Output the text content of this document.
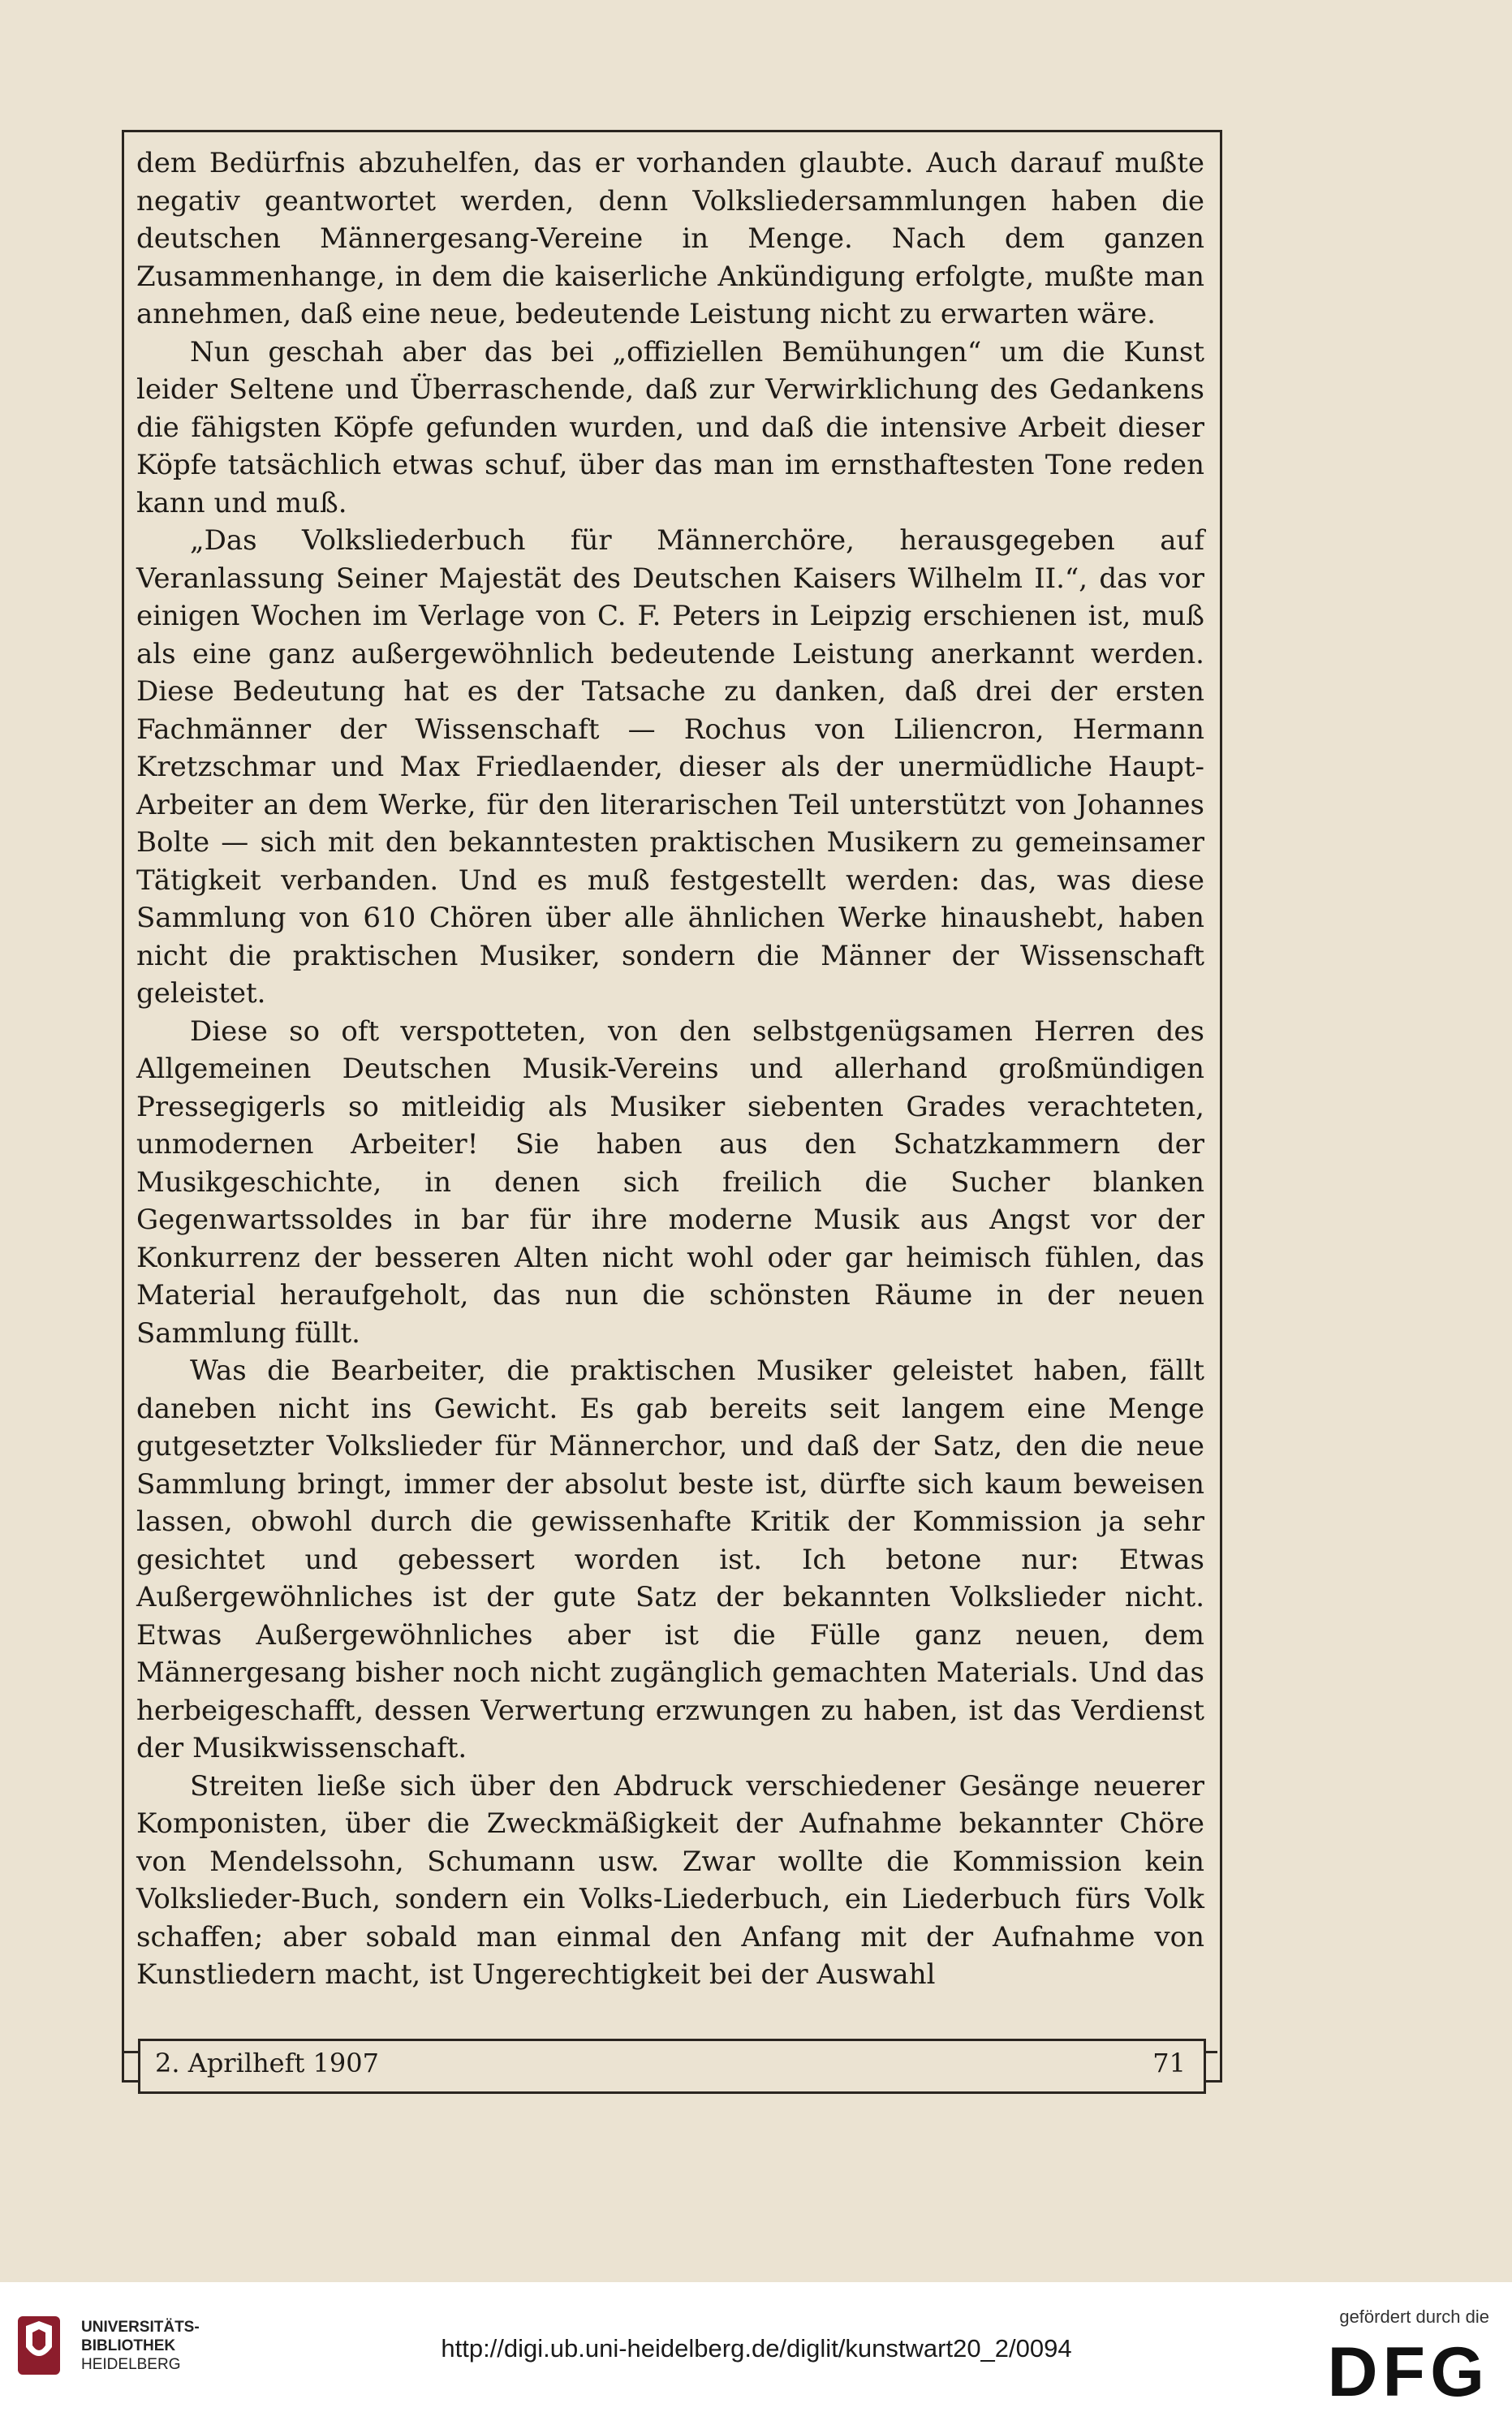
dem Bedürfnis abzuhelfen, das er vorhanden glaubte. Auch darauf mußte negativ geantwortet werden, denn Volksliedersammlungen haben die deutschen Männergesang-Vereine in Menge. Nach dem ganzen Zusammenhange, in dem die kaiserliche Ankündigung erfolgte, mußte man annehmen, daß eine neue, bedeutende Leistung nicht zu erwarten wäre.

Nun geschah aber das bei „offiziellen Bemühungen“ um die Kunst leider Seltene und Überraschende, daß zur Verwirklichung des Gedankens die fähigsten Köpfe gefunden wurden, und daß die intensive Arbeit dieser Köpfe tatsächlich etwas schuf, über das man im ernsthaftesten Tone reden kann und muß.

„Das Volksliederbuch für Männerchöre, herausgegeben auf Veranlassung Seiner Majestät des Deutschen Kaisers Wilhelm II.“, das vor einigen Wochen im Verlage von C. F. Peters in Leipzig erschienen ist, muß als eine ganz außergewöhnlich bedeutende Leistung anerkannt werden. Diese Bedeutung hat es der Tatsache zu danken, daß drei der ersten Fachmänner der Wissenschaft — Rochus von Liliencron, Hermann Kretzschmar und Max Friedlaender, dieser als der unermüdliche Haupt-Arbeiter an dem Werke, für den literarischen Teil unterstützt von Johannes Bolte — sich mit den bekanntesten praktischen Musikern zu gemeinsamer Tätigkeit verbanden. Und es muß festgestellt werden: das, was diese Sammlung von 610 Chören über alle ähnlichen Werke hinaushebt, haben nicht die praktischen Musiker, sondern die Männer der Wissenschaft geleistet.

Diese so oft verspotteten, von den selbstgenügsamen Herren des Allgemeinen Deutschen Musik-Vereins und allerhand großmündigen Pressegigerls so mitleidig als Musiker siebenten Grades verachteten, unmodernen Arbeiter! Sie haben aus den Schatzkammern der Musikgeschichte, in denen sich freilich die Sucher blanken Gegenwartssoldes in bar für ihre moderne Musik aus Angst vor der Konkurrenz der besseren Alten nicht wohl oder gar heimisch fühlen, das Material heraufgeholt, das nun die schönsten Räume in der neuen Sammlung füllt.

Was die Bearbeiter, die praktischen Musiker geleistet haben, fällt daneben nicht ins Gewicht. Es gab bereits seit langem eine Menge gutgesetzter Volkslieder für Männerchor, und daß der Satz, den die neue Sammlung bringt, immer der absolut beste ist, dürfte sich kaum beweisen lassen, obwohl durch die gewissenhafte Kritik der Kommission ja sehr gesichtet und gebessert worden ist. Ich betone nur: Etwas Außergewöhnliches ist der gute Satz der bekannten Volkslieder nicht. Etwas Außergewöhnliches aber ist die Fülle ganz neuen, dem Männergesang bisher noch nicht zugänglich gemachten Materials. Und das herbeigeschafft, dessen Verwertung erzwungen zu haben, ist das Verdienst der Musikwissenschaft.

Streiten ließe sich über den Abdruck verschiedener Gesänge neuerer Komponisten, über die Zweckmäßigkeit der Aufnahme bekannter Chöre von Mendelssohn, Schumann usw. Zwar wollte die Kommission kein Volkslieder-Buch, sondern ein Volks-Liederbuch, ein Liederbuch fürs Volk schaffen; aber sobald man einmal den Anfang mit der Aufnahme von Kunstliedern macht, ist Ungerechtigkeit bei der Auswahl

2. Aprilheft 1907	71
UNIVERSITÄTS-
BIBLIOTHEK
HEIDELBERG
http://digi.ub.uni-heidelberg.de/diglit/kunstwart20_2/0094
gefördert durch die
DFG
